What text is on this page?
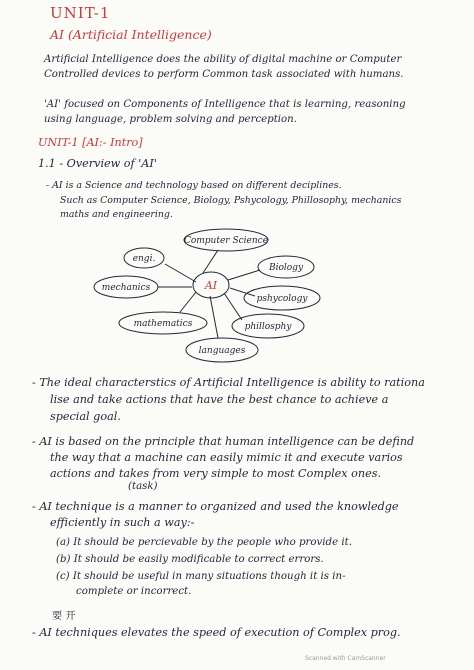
UNIT-1
AI (Artificial Intelligence)
Artificial Intelligence does the ability of digital machine or Computer
Controlled devices to perform Common task associated with humans.
'AI' focused on Components of Intelligence that is learning, reasoning
using language, problem solving and perception.
UNIT-1 [AI:- Intro]
1.1 - Overview of 'AI'
- AI is a Science and technology based on different deciplines.
Such as Computer Science, Biology, Pshycology, Phillosophy, mechanics
maths and engineering.
AI
Computer Science
engi.
Biology
mechanics
pshycology
mathematics	phillosphy
languages
- The ideal characterstics of Artificial Intelligence is ability to rationa
lise and take actions that have the best chance to achieve a
special goal.
- AI is based on the principle that human intelligence can be defind
the way that a machine can easily mimic it and execute varios
actions and takes from very simple to most Complex ones.
(task)
- AI technique is a manner to organized and used the knowledge
efficiently in such a way:-
(a) It should be percievable by the people who provide it.
(b) It should be easily modificable to correct errors.
(c) It should be useful in many situations though it is in-
complete or incorrect.
要 开
- AI techniques elevates the speed of execution of Complex prog.
Scanned with CamScanner
